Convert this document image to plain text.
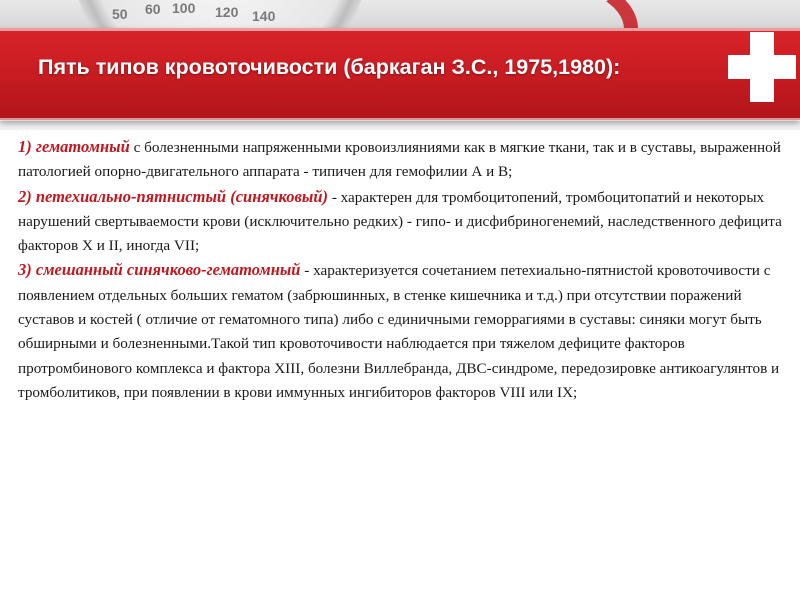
50 60 100 120 140
Пять типов кровоточивости (баркаган З.С., 1975,1980):

1) гематомный с болезненными напряженными кровоизлияниями как в мягкие ткани, так и в суставы, выраженной патологией опорно-двигательного аппарата - типичен для гемофилии А и В;

2) петехиально-пятнистый (синячковый) - характерен для тромбоцитопений, тромбоцитопатий и некоторых нарушений свертываемости крови (исключительно редких) - гипо- и дисфибриногенемий, наследственного дефицита факторов X и II, иногда VII;

3) смешанный синячково-гематомный - характеризуется сочетанием петехиально-пятнистой кровоточивости с появлением отдельных больших гематом (забрюшинных, в стенке кишечника и т.д.) при отсутствии поражений суставов и костей ( отличие от гематомного типа) либо с единичными геморрагиями в суставы: синяки могут быть обширными и болезненными.Такой тип кровоточивости наблюдается при тяжелом дефиците факторов протромбинового комплекса и фактора XIII, болезни Виллебранда, ДВС-синдроме, передозировке антикоагулянтов и тромболитиков, при появлении в крови иммунных ингибиторов факторов VIII или IX;
